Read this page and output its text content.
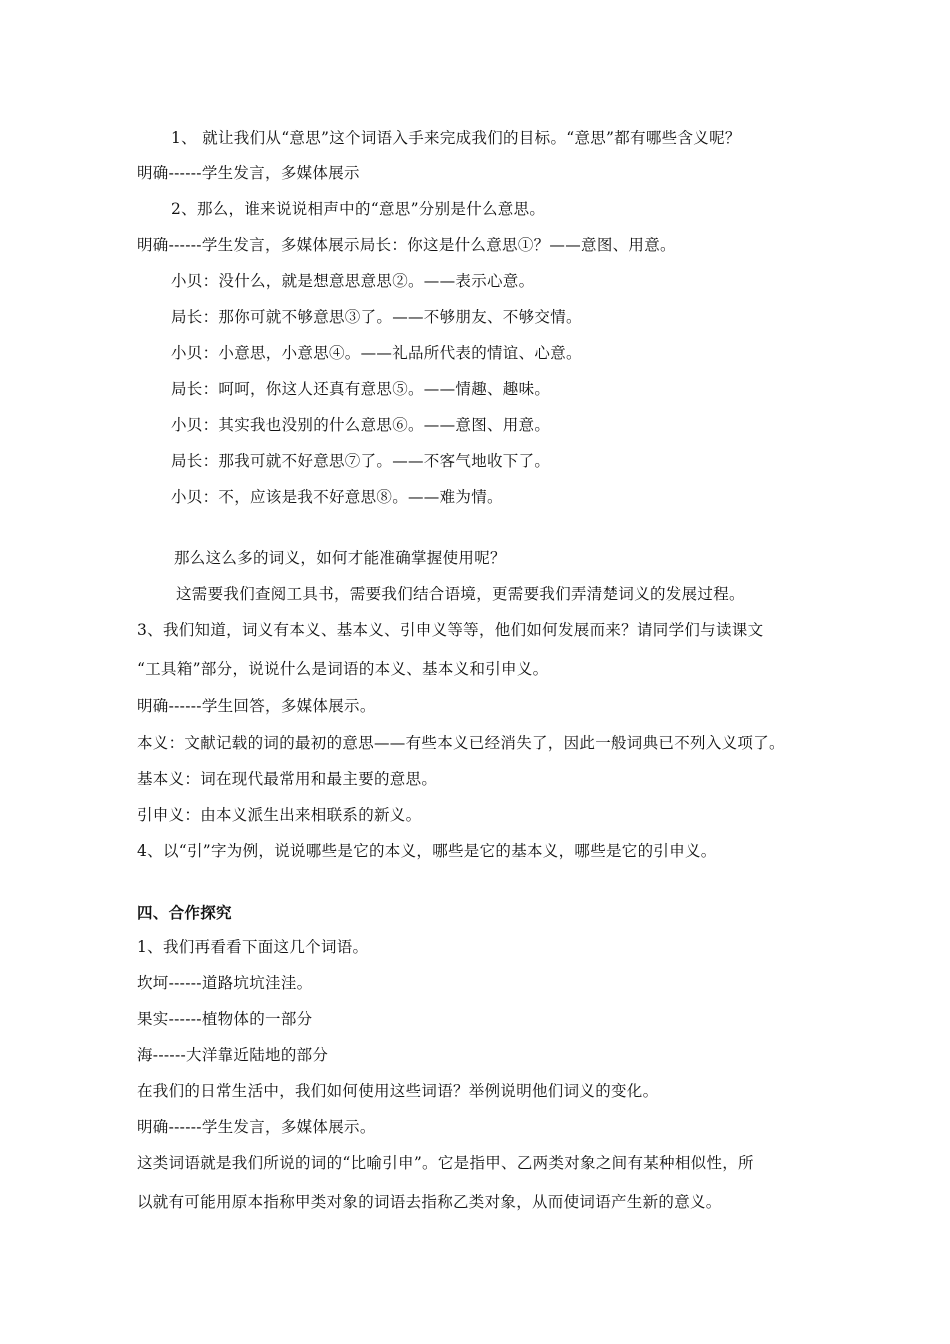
1、 就让我们从“意思”这个词语入手来完成我们的目标。“意思”都有哪些含义呢？
明确------学生发言，多媒体展示
2、那么，谁来说说相声中的“意思”分别是什么意思。
明确------学生发言，多媒体展示局长：你这是什么意思①？——意图、用意。
小贝：没什么，就是想意思意思②。——表示心意。
局长：那你可就不够意思③了。——不够朋友、不够交情。
小贝：小意思，小意思④。——礼品所代表的情谊、心意。
局长：呵呵，你这人还真有意思⑤。——情趣、趣味。
小贝：其实我也没别的什么意思⑥。——意图、用意。
局长：那我可就不好意思⑦了。——不客气地收下了。
小贝：不，应该是我不好意思⑧。——难为情。
那么这么多的词义，如何才能准确掌握使用呢？
这需要我们查阅工具书，需要我们结合语境，更需要我们弄清楚词义的发展过程。
3、我们知道，词义有本义、基本义、引申义等等，他们如何发展而来？请同学们与读课文
“工具箱”部分，说说什么是词语的本义、基本义和引申义。
明确------学生回答，多媒体展示。
本义：文献记载的词的最初的意思——有些本义已经消失了，因此一般词典已不列入义项了。
基本义：词在现代最常用和最主要的意思。
引申义：由本义派生出来相联系的新义。
4、以“引”字为例，说说哪些是它的本义，哪些是它的基本义，哪些是它的引申义。
四、合作探究
1、我们再看看下面这几个词语。
坎坷------道路坑坑洼洼。
果实------植物体的一部分
海------大洋靠近陆地的部分
在我们的日常生活中，我们如何使用这些词语？举例说明他们词义的变化。
明确------学生发言，多媒体展示。
这类词语就是我们所说的词的“比喻引申”。它是指甲、乙两类对象之间有某种相似性，所
以就有可能用原本指称甲类对象的词语去指称乙类对象，从而使词语产生新的意义。
